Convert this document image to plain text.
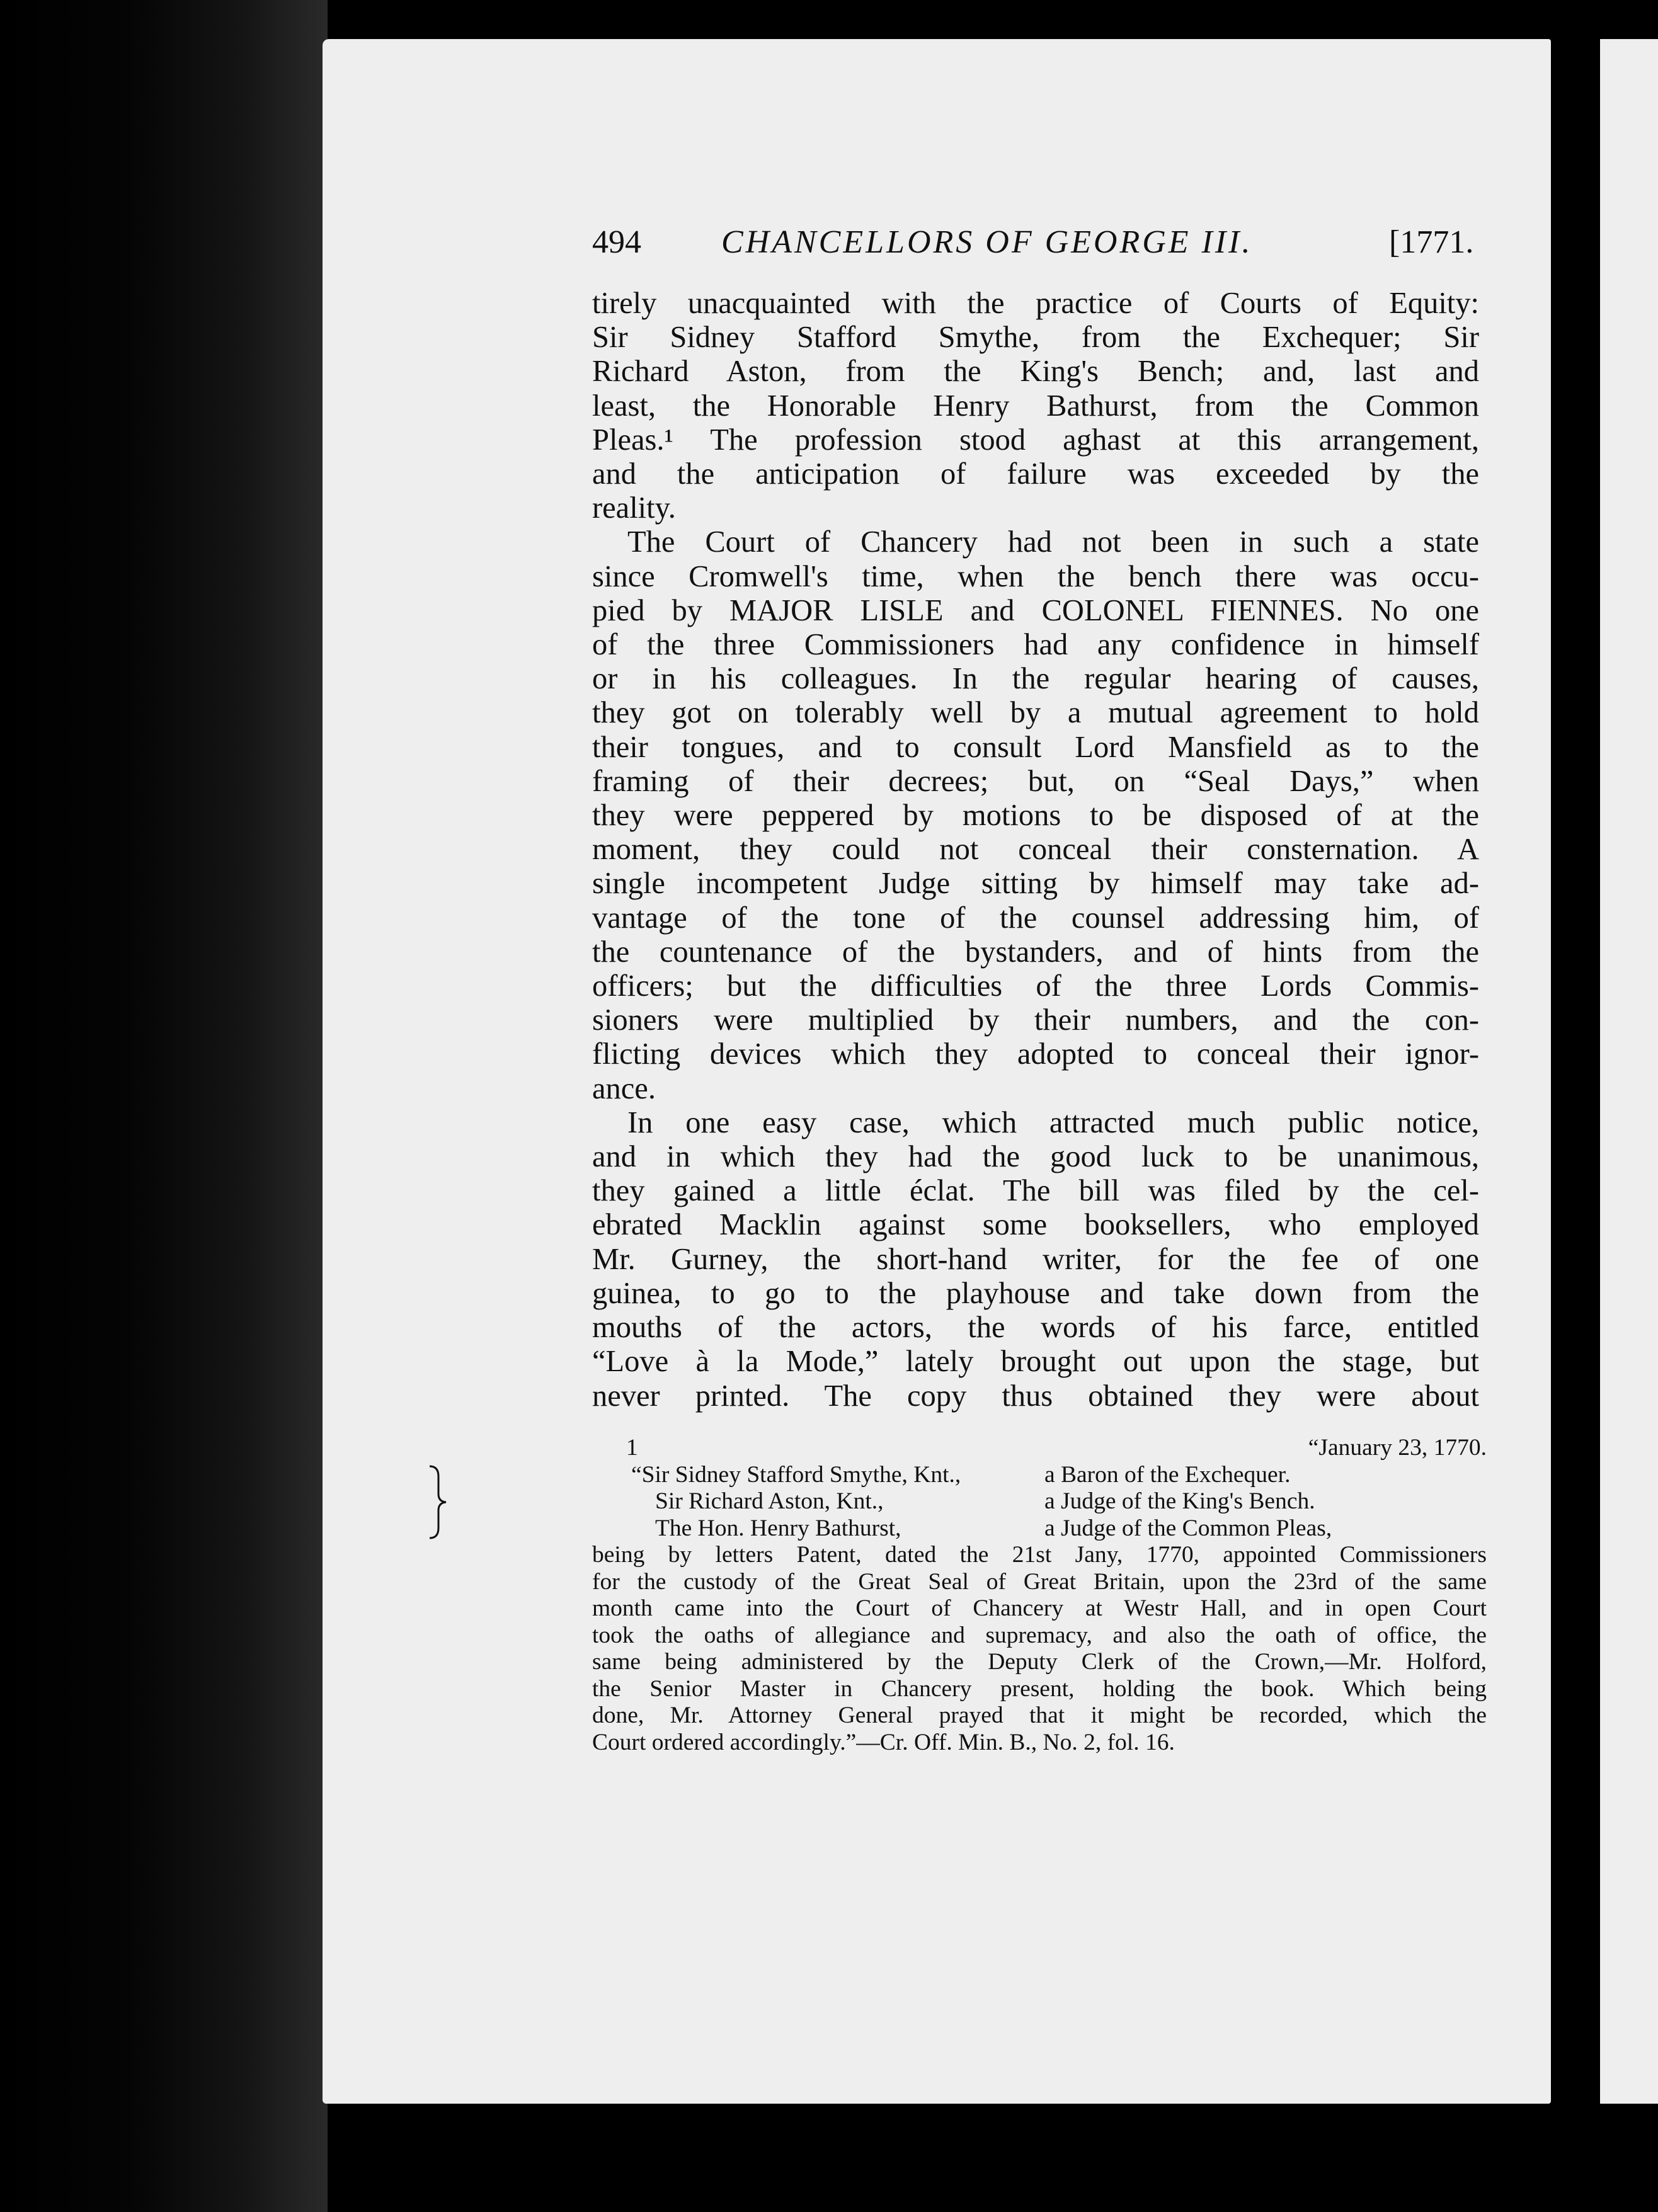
494 CHANCELLORS OF GEORGE III.	[1771.
tirely unacquainted with the practice of Courts of Equity:
Sir Sidney Stafford Smythe, from the Exchequer; Sir
Richard Aston, from the King's Bench; and, last and
least, the Honorable Henry Bathurst, from the Common
Pleas.¹ The profession stood aghast at this arrangement,
and the anticipation of failure was exceeded by the
reality.
The Court of Chancery had not been in such a state
since Cromwell's time, when the bench there was occu-
pied by MAJOR LISLE and COLONEL FIENNES. No one
of the three Commissioners had any confidence in himself
or in his colleagues. In the regular hearing of causes,
they got on tolerably well by a mutual agreement to hold
their tongues, and to consult Lord Mansfield as to the
framing of their decrees; but, on “Seal Days,” when
they were peppered by motions to be disposed of at the
moment, they could not conceal their consternation. A
single incompetent Judge sitting by himself may take ad-
vantage of the tone of the counsel addressing him, of
the countenance of the bystanders, and of hints from the
officers; but the difficulties of the three Lords Commis-
sioners were multiplied by their numbers, and the con-
flicting devices which they adopted to conceal their ignor-
ance.
In one easy case, which attracted much public notice,
and in which they had the good luck to be unanimous,
they gained a little éclat. The bill was filed by the cel-
ebrated Macklin against some booksellers, who employed
Mr. Gurney, the short-hand writer, for the fee of one
guinea, to go to the playhouse and take down from the
mouths of the actors, the words of his farce, entitled
“Love à la Mode,” lately brought out upon the stage, but
never printed. The copy thus obtained they were about
1	“January 23, 1770.
“Sir Sidney Stafford Smythe, Knt.,	a Baron of the Exchequer.
Sir Richard Aston, Knt.,	a Judge of the King's Bench.
The Hon. Henry Bathurst,	a Judge of the Common Pleas,
being by letters Patent, dated the 21st Jany, 1770, appointed Commissioners
for the custody of the Great Seal of Great Britain, upon the 23rd of the same
month came into the Court of Chancery at Westr Hall, and in open Court
took the oaths of allegiance and supremacy, and also the oath of office, the
same being administered by the Deputy Clerk of the Crown,—Mr. Holford,
the Senior Master in Chancery present, holding the book. Which being
done, Mr. Attorney General prayed that it might be recorded, which the
Court ordered accordingly.”—Cr. Off. Min. B., No. 2, fol. 16.
